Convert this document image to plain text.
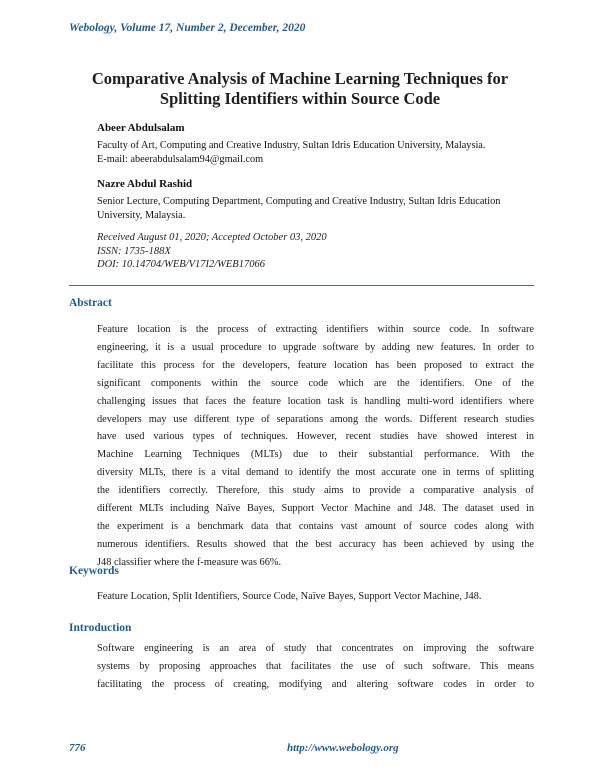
Webology, Volume 17, Number 2, December, 2020
Comparative Analysis of Machine Learning Techniques for
Splitting Identifiers within Source Code
Abeer Abdulsalam
Faculty of Art, Computing and Creative Industry, Sultan Idris Education University, Malaysia.
E-mail: abeerabdulsalam94@gmail.com
Nazre Abdul Rashid
Senior Lecture, Computing Department, Computing and Creative Industry, Sultan Idris Education
University, Malaysia.
Received August 01, 2020; Accepted October 03, 2020
ISSN: 1735-188X
DOI: 10.14704/WEB/V17I2/WEB17066
Abstract
Feature location is the process of extracting identifiers within source code. In software
engineering, it is a usual procedure to upgrade software by adding new features. In order to
facilitate this process for the developers, feature location has been proposed to extract the
significant components within the source code which are the identifiers. One of the
challenging issues that faces the feature location task is handling multi-word identifiers where
developers may use different type of separations among the words. Different research studies
have used various types of techniques. However, recent studies have showed interest in
Machine Learning Techniques (MLTs) due to their substantial performance. With the
diversity MLTs, there is a vital demand to identify the most accurate one in terms of splitting
the identifiers correctly. Therefore, this study aims to provide a comparative analysis of
different MLTs including Naïve Bayes, Support Vector Machine and J48. The dataset used in
the experiment is a benchmark data that contains vast amount of source codes along with
numerous identifiers. Results showed that the best accuracy has been achieved by using the
J48 classifier where the f-measure was 66%.
Keywords
Feature Location, Split Identifiers, Source Code, Naïve Bayes, Support Vector Machine, J48.
Introduction
Software engineering is an area of study that concentrates on improving the software
systems by proposing approaches that facilitates the use of such software. This means
facilitating the process of creating, modifying and altering software codes in order to
776	http://www.webology.org
